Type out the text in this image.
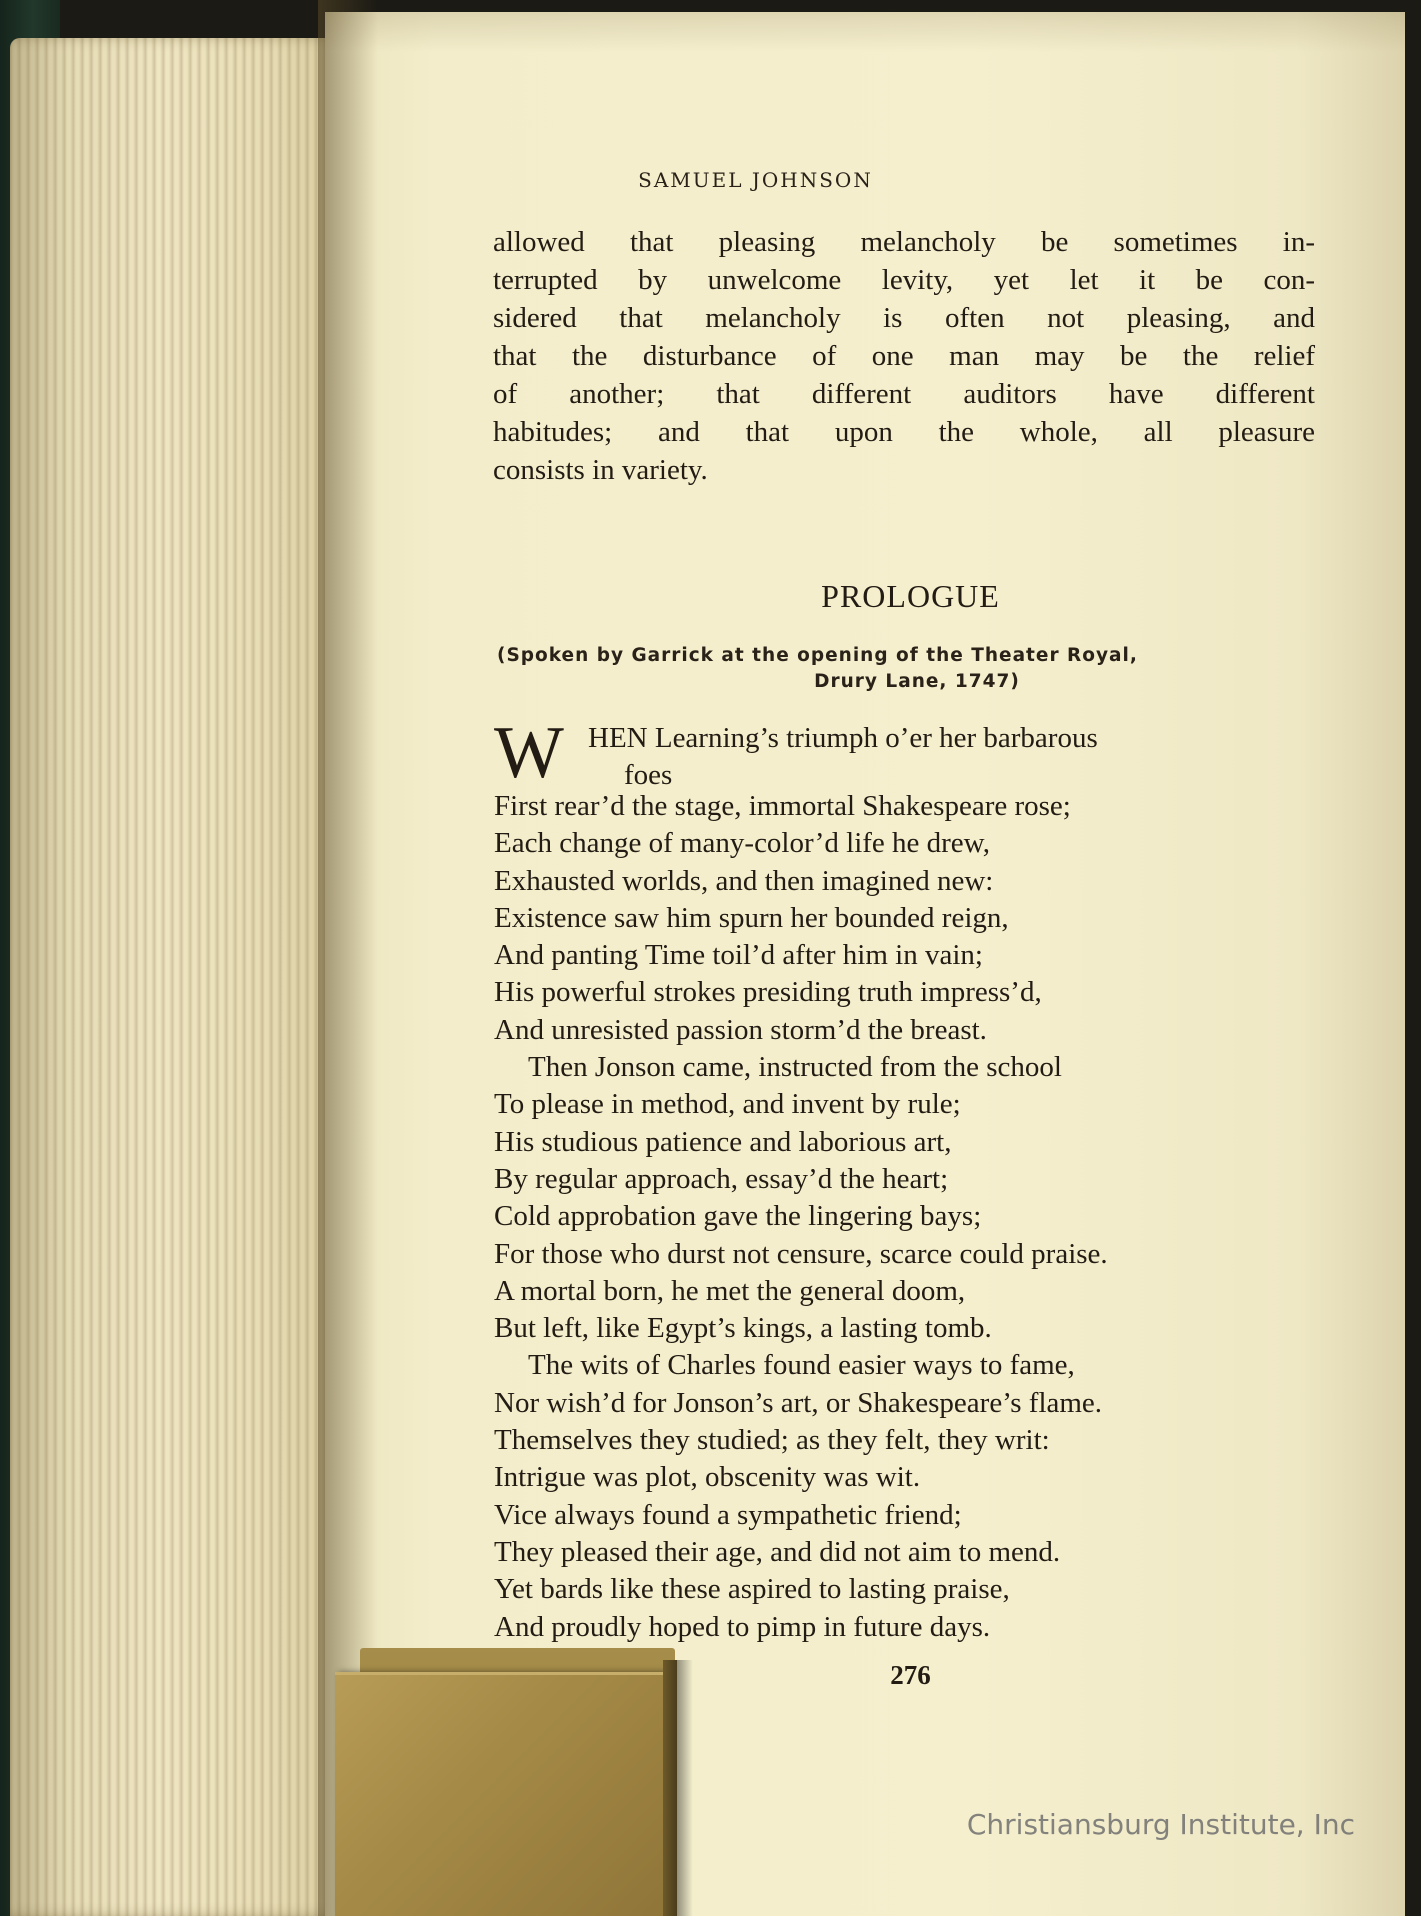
SAMUEL JOHNSON
allowed that pleasing melancholy be sometimes in-
terrupted by unwelcome levity, yet let it be con-
sidered that melancholy is often not pleasing, and
that the disturbance of one man may be the relief
of another; that different auditors have different
habitudes; and that upon the whole, all pleasure
consists in variety.
PROLOGUE
(Spoken by Garrick at the opening of the Theater Royal,
Drury Lane, 1747)
W HEN Learning’s triumph o’er her barbarous
foes
First rear’d the stage, immortal Shakespeare rose;
Each change of many-color’d life he drew,
Exhausted worlds, and then imagined new:
Existence saw him spurn her bounded reign,
And panting Time toil’d after him in vain;
His powerful strokes presiding truth impress’d,
And unresisted passion storm’d the breast.
Then Jonson came, instructed from the school
To please in method, and invent by rule;
His studious patience and laborious art,
By regular approach, essay’d the heart;
Cold approbation gave the lingering bays;
For those who durst not censure, scarce could praise.
A mortal born, he met the general doom,
But left, like Egypt’s kings, a lasting tomb.
The wits of Charles found easier ways to fame,
Nor wish’d for Jonson’s art, or Shakespeare’s flame.
Themselves they studied; as they felt, they writ:
Intrigue was plot, obscenity was wit.
Vice always found a sympathetic friend;
They pleased their age, and did not aim to mend.
Yet bards like these aspired to lasting praise,
And proudly hoped to pimp in future days.
276
Christiansburg Institute, Inc
